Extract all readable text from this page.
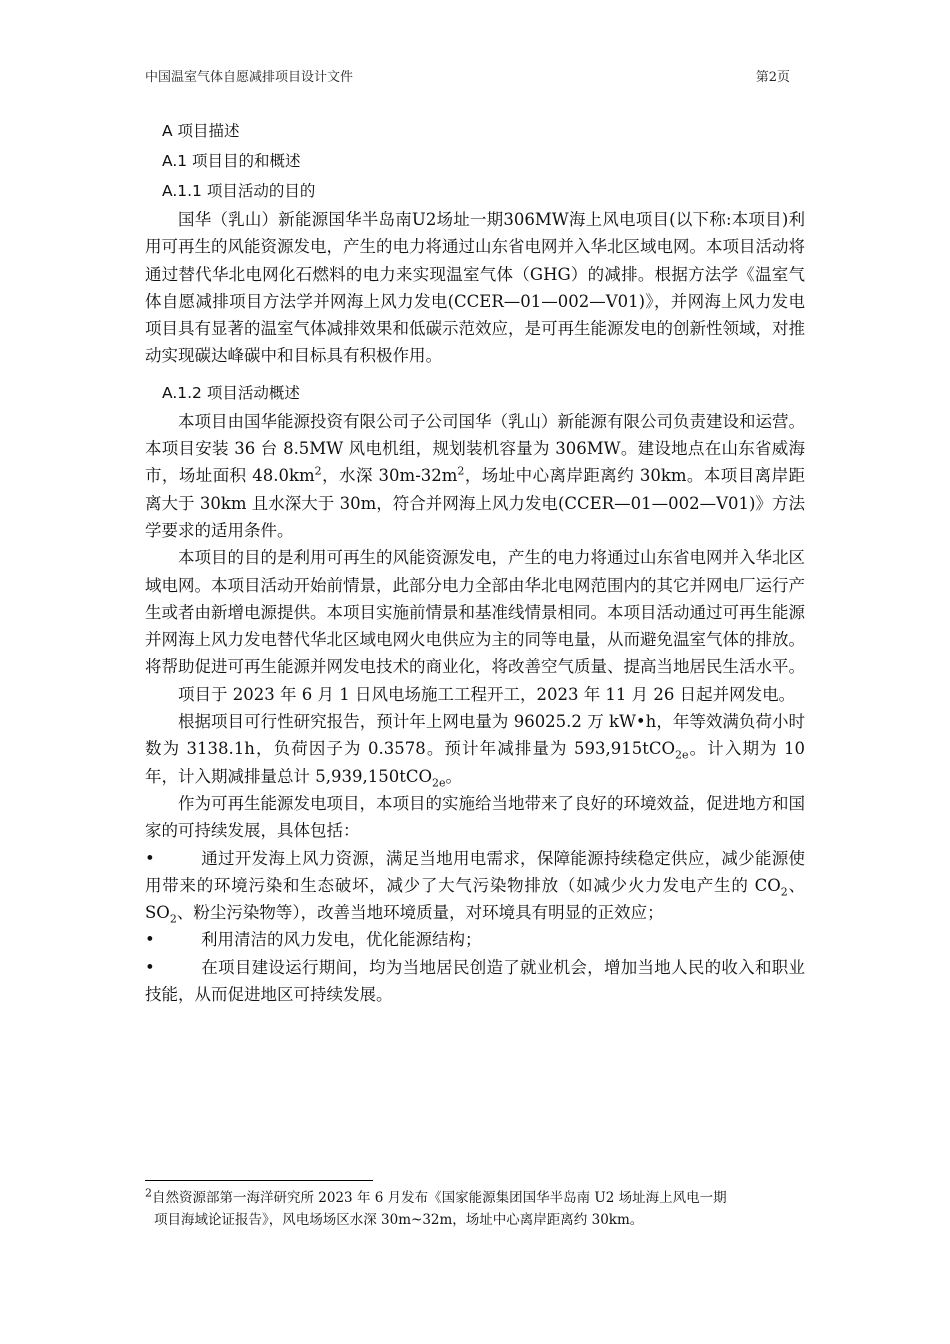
中国温室气体自愿减排项目设计文件	第2页
A 项目描述
A.1 项目目的和概述
A.1.1 项目活动的目的

国华（乳山）新能源国华半岛南U2场址一期306MW海上风电项目(以下称:本项目)利用可再生的风能资源发电，产生的电力将通过山东省电网并入华北区域电网。本项目活动将通过替代华北电网化石燃料的电力来实现温室气体（GHG）的减排。根据方法学《温室气体自愿减排项目方法学并网海上风力发电(CCER—01—002—V01)》，并网海上风力发电项目具有显著的温室气体减排效果和低碳示范效应，是可再生能源发电的创新性领域，对推动实现碳达峰碳中和目标具有积极作用。

A.1.2 项目活动概述

本项目由国华能源投资有限公司子公司国华（乳山）新能源有限公司负责建设和运营。本项目安装 36 台 8.5MW 风电机组，规划装机容量为 306MW。建设地点在山东省威海市，场址面积 $48.0km^2$，水深 $30m-32m^2$，场址中心离岸距离约 30km。本项目离岸距离大于 30km 且水深大于 30m，符合并网海上风力发电(CCER—01—002—V01)》方法学要求的适用条件。

本项目的目的是利用可再生的风能资源发电，产生的电力将通过山东省电网并入华北区域电网。本项目活动开始前情景，此部分电力全部由华北电网范围内的其它并网电厂运行产生或者由新增电源提供。本项目实施前情景和基准线情景相同。本项目活动通过可再生能源并网海上风力发电替代华北区域电网火电供应为主的同等电量，从而避免温室气体的排放。将帮助促进可再生能源并网发电技术的商业化，将改善空气质量、提高当地居民生活水平。

项目于 2023 年 6 月 1 日风电场施工工程开工，2023 年 11 月 26 日起并网发电。

根据项目可行性研究报告，预计年上网电量为 96025.2 万 kW•h，年等效满负荷小时数为 3138.1h，负荷因子为 0.3578。预计年减排量为 593,915tCO$_{2e}$。计入期为 10 年，计入期减排量总计 5,939,150tCO$_{2e}$。

作为可再生能源发电项目，本项目的实施给当地带来了良好的环境效益，促进地方和国家的可持续发展，具体包括：

•	通过开发海上风力资源，满足当地用电需求，保障能源持续稳定供应，减少能源使用带来的环境污染和生态破坏，减少了大气污染物排放（如减少火力发电产生的 $CO_2$、$SO_2$、粉尘污染物等），改善当地环境质量，对环境具有明显的正效应；

•	利用清洁的风力发电，优化能源结构；

•	在项目建设运行期间，均为当地居民创造了就业机会，增加当地人民的收入和职业技能，从而促进地区可持续发展。

$^2$自然资源部第一海洋研究所 2023 年 6 月发布《国家能源集团国华半岛南 U2 场址海上风电一期
项目海域论证报告》，风电场场区水深 30m~32m，场址中心离岸距离约 30km。
